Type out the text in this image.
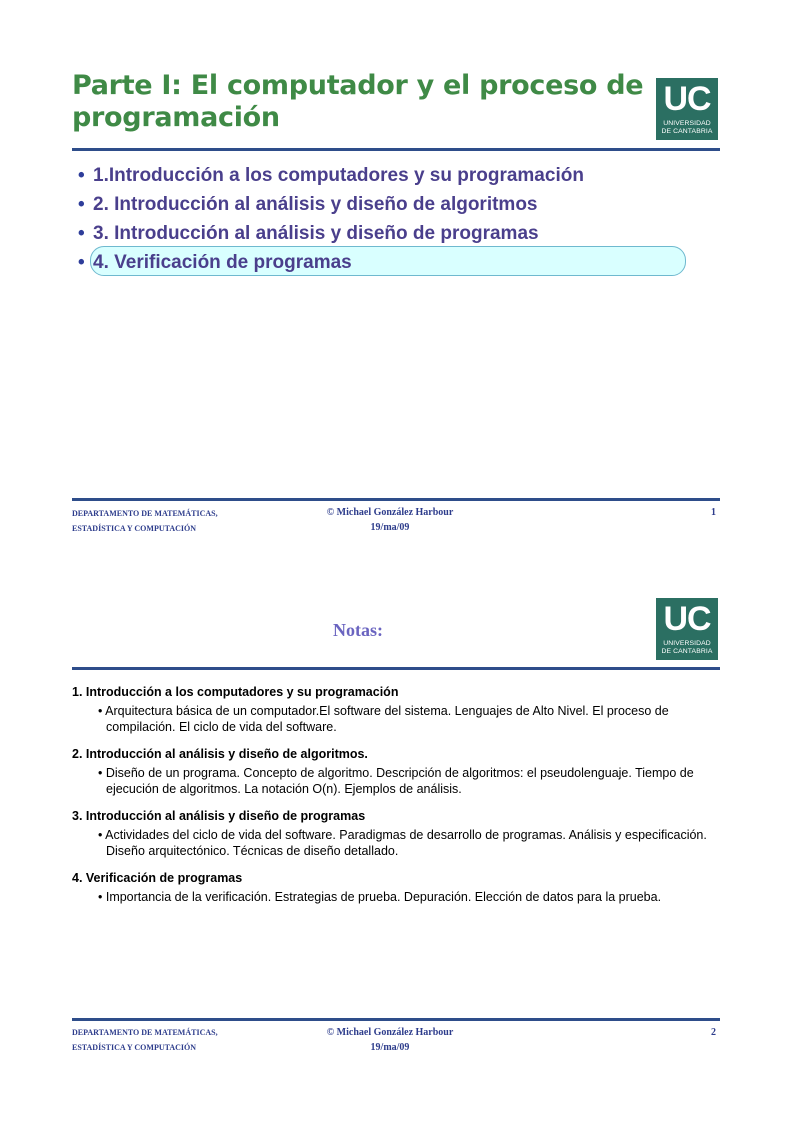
Parte I: El computador y el proceso de programación	UC
UNIVERSIDAD
DE CANTABRIA
• 1.Introducción a los computadores y su programación
• 2. Introducción al análisis y diseño de algoritmos
• 3. Introducción al análisis y diseño de programas
• 4. Verificación de programas
DEPARTAMENTO DE MATEMÁTICAS,
ESTADÍSTICA Y COMPUTACIÓN
© Michael González Harbour
19/ma/09
1
UC
UNIVERSIDAD
DE CANTABRIA
Notas:
1. Introducción a los computadores y su programación
• Arquitectura básica de un computador.El software del sistema. Lenguajes de Alto Nivel. El proceso de compilación. El ciclo de vida del software.
2. Introducción al análisis y diseño de algoritmos.
• Diseño de un programa. Concepto de algoritmo. Descripción de algoritmos: el pseudolenguaje. Tiempo de ejecución de algoritmos. La notación O(n). Ejemplos de análisis.
3. Introducción al análisis y diseño de programas
• Actividades del ciclo de vida del software. Paradigmas de desarrollo de programas. Análisis y especificación. Diseño arquitectónico. Técnicas de diseño detallado.
4. Verificación de programas
• Importancia de la verificación. Estrategias de prueba. Depuración. Elección de datos para la prueba.
DEPARTAMENTO DE MATEMÁTICAS,
ESTADÍSTICA Y COMPUTACIÓN
© Michael González Harbour
19/ma/09
2
